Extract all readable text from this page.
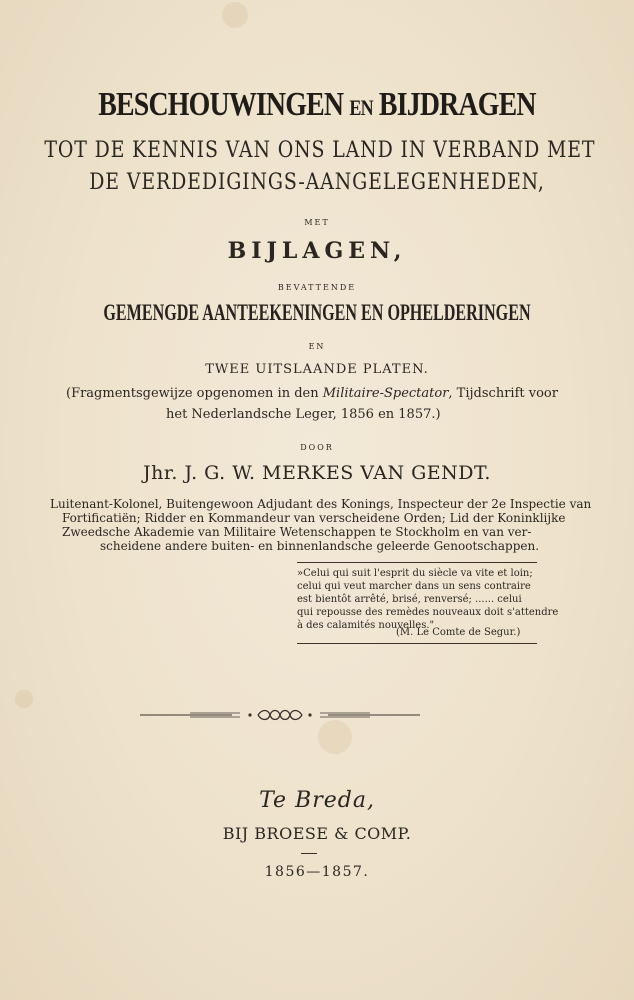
BESCHOUWINGEN EN BIJDRAGEN
TOT DE KENNIS VAN ONS LAND IN VERBAND MET
DE VERDEDIGINGS-AANGELEGENHEDEN,
MET
BIJLAGEN,
BEVATTENDE
GEMENGDE AANTEEKENINGEN EN OPHELDERINGEN
EN
TWEE UITSLAANDE PLATEN.
(Fragmentsgewijze opgenomen in den Militaire-Spectator, Tijdschrift voor
het Nederlandsche Leger, 1856 en 1857.)
DOOR
Jhr. J. G. W. MERKES VAN GENDT.
Luitenant-Kolonel, Buitengewoon Adjudant des Konings, Inspecteur der 2e Inspectie van
Fortificatiën; Ridder en Kommandeur van verscheidene Orden; Lid der Koninklijke
Zweedsche Akademie van Militaire Wetenschappen te Stockholm en van ver-
scheidene andere buiten- en binnenlandsche geleerde Genootschappen.
»Celui qui suit l'esprit du siècle va vite et loin;
celui qui veut marcher dans un sens contraire
est bientôt arrêté, brisé, renversé; ...... celui
qui repousse des remèdes nouveaux doit s'attendre
à des calamités nouvelles."
(M. Le Comte de Segur.)
Te Breda,
BIJ BROESE & COMP.
1856—1857.
